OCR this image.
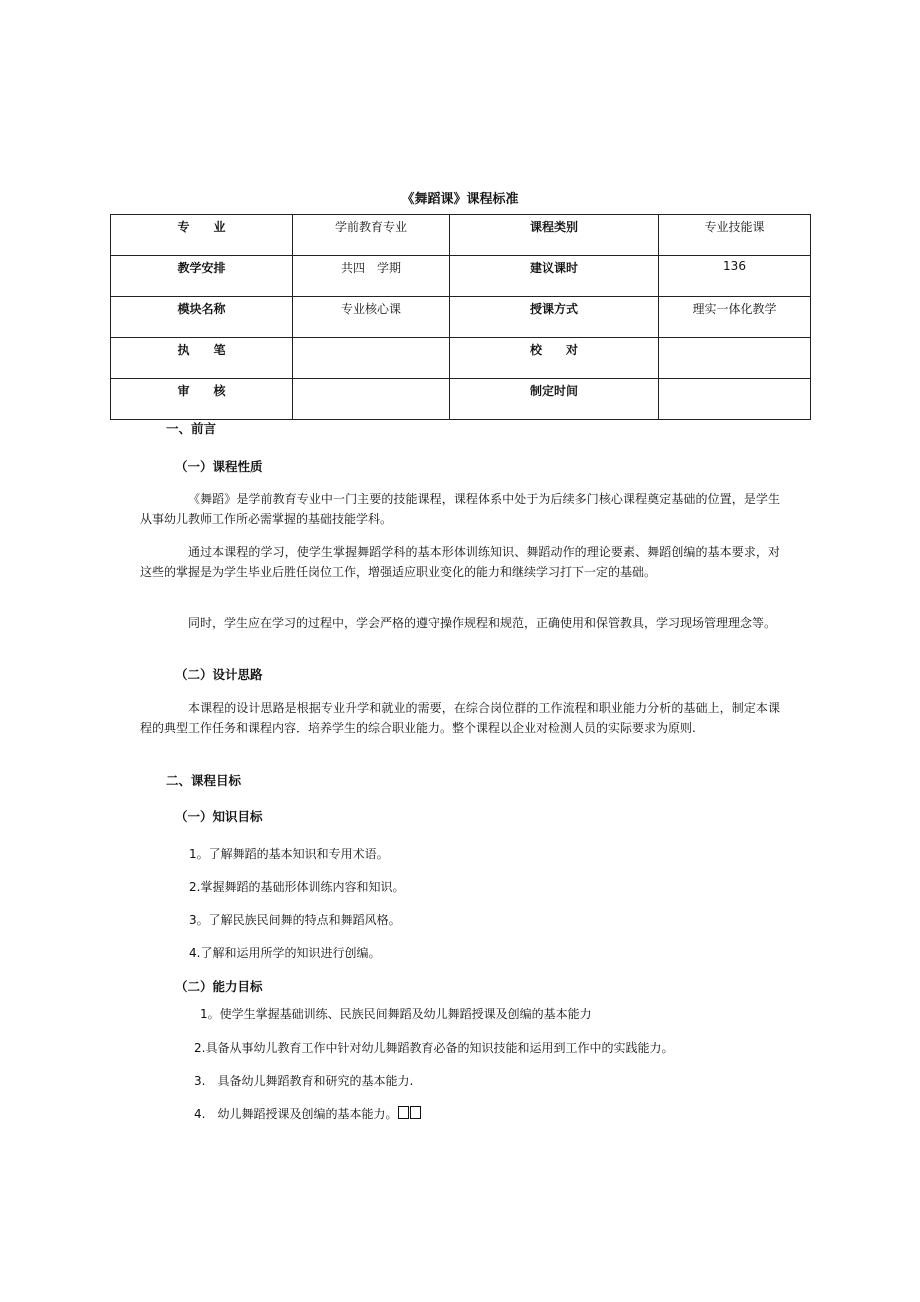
《舞蹈课》课程标准
专　　业	学前教育专业	课程类别	专业技能课
教学安排	共四　学期	建议课时	136
模块名称	专业核心课	授课方式	理实一体化教学
执　　笔		校　　对	
审　　核		制定时间	
一、前言
（一）课程性质
《舞蹈》是学前教育专业中一门主要的技能课程，课程体系中处于为后续多门核心课程奠定基础的位置，是学生从事幼儿教师工作所必需掌握的基础技能学科。
通过本课程的学习，使学生掌握舞蹈学科的基本形体训练知识、舞蹈动作的理论要素、舞蹈创编的基本要求，对这些的掌握是为学生毕业后胜任岗位工作，增强适应职业变化的能力和继续学习打下一定的基础。
同时，学生应在学习的过程中，学会严格的遵守操作规程和规范，正确使用和保管教具，学习现场管理理念等。
（二）设计思路
本课程的设计思路是根据专业升学和就业的需要，在综合岗位群的工作流程和职业能力分析的基础上，制定本课程的典型工作任务和课程内容．培养学生的综合职业能力。整个课程以企业对检测人员的实际要求为原则.
二、课程目标
（一）知识目标
1。了解舞蹈的基本知识和专用术语。
2.掌握舞蹈的基础形体训练内容和知识。
3。了解民族民间舞的特点和舞蹈风格。
4.了解和运用所学的知识进行创编。
（二）能力目标
1。使学生掌握基础训练、民族民间舞蹈及幼儿舞蹈授课及创编的基本能力
2.具备从事幼儿教育工作中针对幼儿舞蹈教育必备的知识技能和运用到工作中的实践能力。
3.　具备幼儿舞蹈教育和研究的基本能力.
4.　幼儿舞蹈授课及创编的基本能力。
